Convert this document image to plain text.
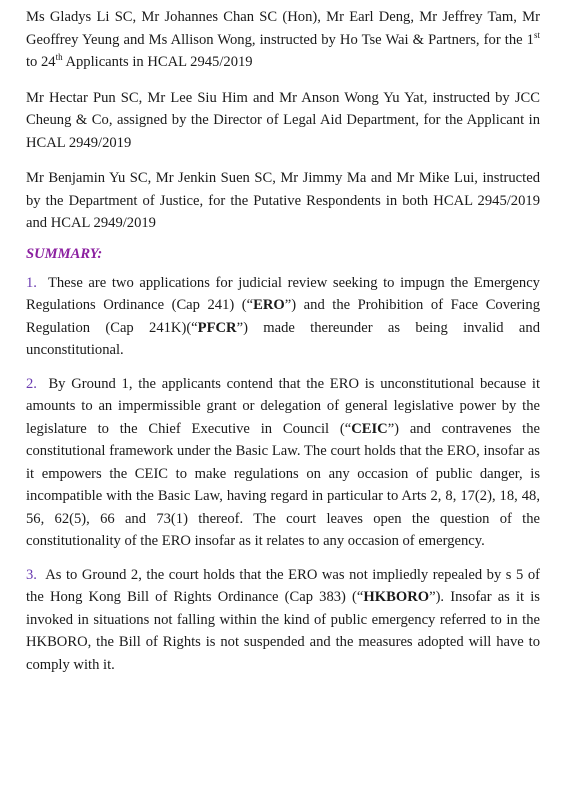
Ms Gladys Li SC, Mr Johannes Chan SC (Hon), Mr Earl Deng, Mr Jeffrey Tam, Mr Geoffrey Yeung and Ms Allison Wong, instructed by Ho Tse Wai & Partners, for the 1st to 24th Applicants in HCAL 2945/2019

Mr Hectar Pun SC, Mr Lee Siu Him and Mr Anson Wong Yu Yat, instructed by JCC Cheung & Co, assigned by the Director of Legal Aid Department, for the Applicant in HCAL 2949/2019

Mr Benjamin Yu SC, Mr Jenkin Suen SC, Mr Jimmy Ma and Mr Mike Lui, instructed by the Department of Justice, for the Putative Respondents in both HCAL 2945/2019 and HCAL 2949/2019

SUMMARY:

1. These are two applications for judicial review seeking to impugn the Emergency Regulations Ordinance (Cap 241) (“ERO”) and the Prohibition of Face Covering Regulation (Cap 241K)(“PFCR”) made thereunder as being invalid and unconstitutional.

2. By Ground 1, the applicants contend that the ERO is unconstitutional because it amounts to an impermissible grant or delegation of general legislative power by the legislature to the Chief Executive in Council (“CEIC”) and contravenes the constitutional framework under the Basic Law. The court holds that the ERO, insofar as it empowers the CEIC to make regulations on any occasion of public danger, is incompatible with the Basic Law, having regard in particular to Arts 2, 8, 17(2), 18, 48, 56, 62(5), 66 and 73(1) thereof. The court leaves open the question of the constitutionality of the ERO insofar as it relates to any occasion of emergency.

3. As to Ground 2, the court holds that the ERO was not impliedly repealed by s 5 of the Hong Kong Bill of Rights Ordinance (Cap 383) (“HKBORO”). Insofar as it is invoked in situations not falling within the kind of public emergency referred to in the HKBORO, the Bill of Rights is not suspended and the measures adopted will have to comply with it.
